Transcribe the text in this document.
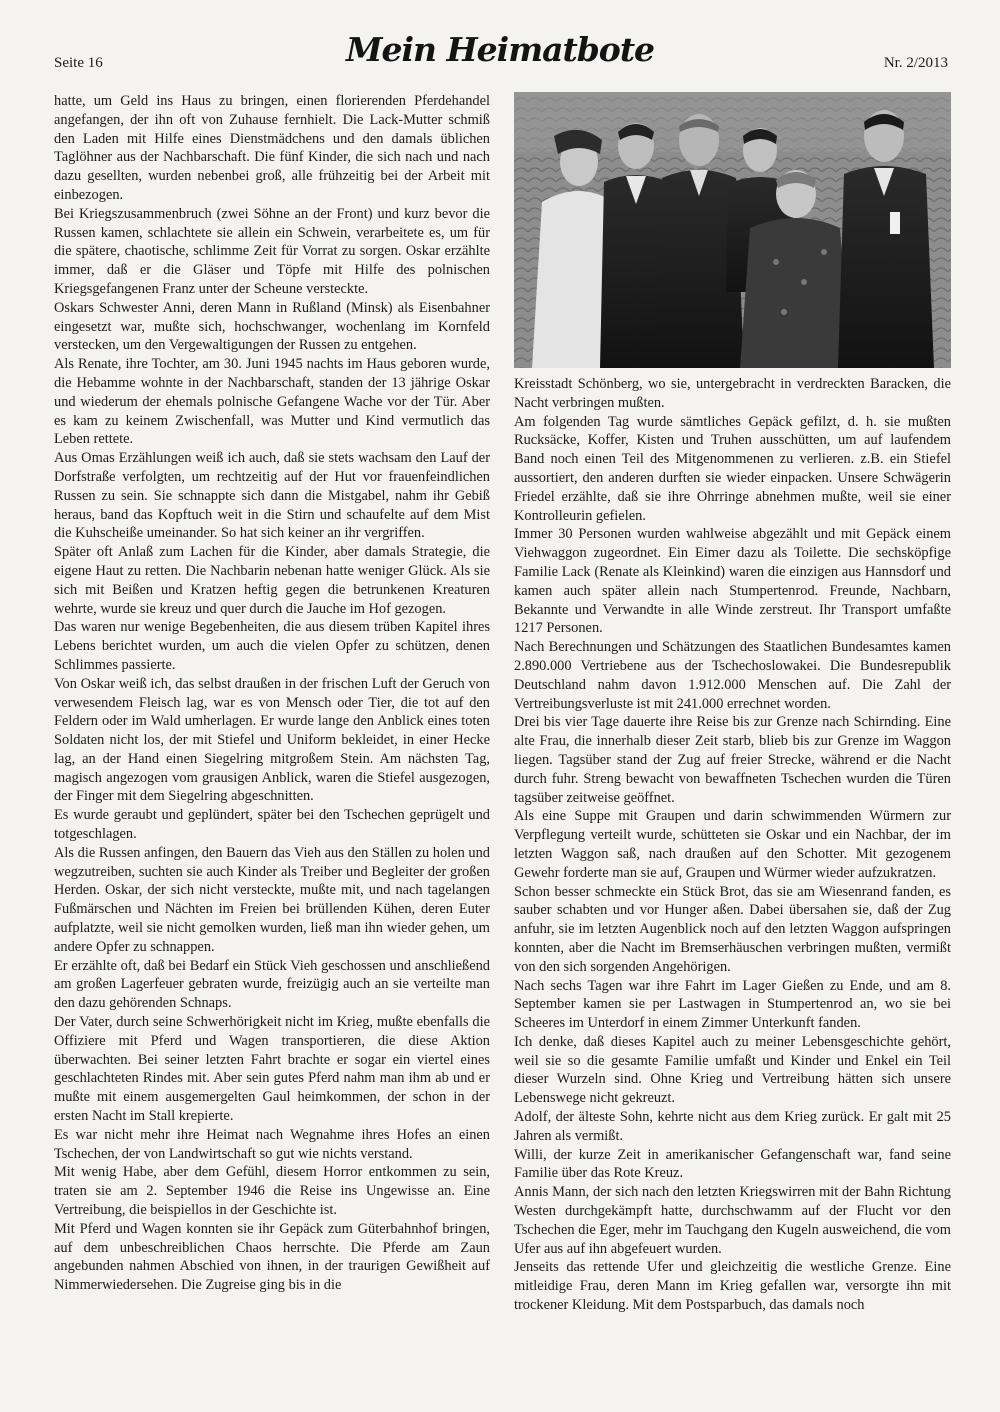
Seite 16	Mein Heimatbote	Nr. 2/2013

hatte, um Geld ins Haus zu bringen, einen florierenden Pferdehandel angefangen, der ihn oft von Zuhause fernhielt. Die Lack-Mutter schmiß den Laden mit Hilfe eines Dienstmädchens und den damals üblichen Taglöhner aus der Nachbarschaft. Die fünf Kinder, die sich nach und nach dazu gesellten, wurden nebenbei groß, alle frühzeitig bei der Arbeit mit einbezogen.

Bei Kriegszusammenbruch (zwei Söhne an der Front) und kurz bevor die Russen kamen, schlachtete sie allein ein Schwein, verarbeitete es, um für die spätere, chaotische, schlimme Zeit für Vorrat zu sorgen. Oskar erzählte immer, daß er die Gläser und Töpfe mit Hilfe des polnischen Kriegsgefangenen Franz unter der Scheune versteckte.

Oskars Schwester Anni, deren Mann in Rußland (Minsk) als Eisenbahner eingesetzt war, mußte sich, hochschwanger, wochenlang im Kornfeld verstecken, um den Vergewaltigungen der Russen zu entgehen.

Als Renate, ihre Tochter, am 30. Juni 1945 nachts im Haus geboren wurde, die Hebamme wohnte in der Nachbarschaft, standen der 13 jährige Oskar und wiederum der ehemals polnische Gefangene Wache vor der Tür. Aber es kam zu keinem Zwischenfall, was Mutter und Kind vermutlich das Leben rettete.

Aus Omas Erzählungen weiß ich auch, daß sie stets wachsam den Lauf der Dorfstraße verfolgten, um rechtzeitig auf der Hut vor frauenfeindlichen Russen zu sein. Sie schnappte sich dann die Mistgabel, nahm ihr Gebiß heraus, band das Kopftuch weit in die Stirn und schaufelte auf dem Mist die Kuhscheiße umeinander. So hat sich keiner an ihr vergriffen.

Später oft Anlaß zum Lachen für die Kinder, aber damals Strategie, die eigene Haut zu retten. Die Nachbarin nebenan hatte weniger Glück. Als sie sich mit Beißen und Kratzen heftig gegen die betrunkenen Kreaturen wehrte, wurde sie kreuz und quer durch die Jauche im Hof gezogen.

Das waren nur wenige Begebenheiten, die aus diesem trüben Kapitel ihres Lebens berichtet wurden, um auch die vielen Opfer zu schützen, denen Schlimmes passierte.

Von Oskar weiß ich, das selbst draußen in der frischen Luft der Geruch von verwesendem Fleisch lag, war es von Mensch oder Tier, die tot auf den Feldern oder im Wald umherlagen. Er wurde lange den Anblick eines toten Soldaten nicht los, der mit Stiefel und Uniform bekleidet, in einer Hecke lag, an der Hand einen Siegelring mitgroßem Stein. Am nächsten Tag, magisch angezogen vom grausigen Anblick, waren die Stiefel ausgezogen, der Finger mit dem Siegelring abgeschnitten.

Es wurde geraubt und geplündert, später bei den Tschechen geprügelt und totgeschlagen.

Als die Russen anfingen, den Bauern das Vieh aus den Ställen zu holen und wegzutreiben, suchten sie auch Kinder als Treiber und Begleiter der großen Herden. Oskar, der sich nicht versteckte, mußte mit, und nach tagelangen Fußmärschen und Nächten im Freien bei brüllenden Kühen, deren Euter aufplatzte, weil sie nicht gemolken wurden, ließ man ihn wieder gehen, um andere Opfer zu schnappen.

Er erzählte oft, daß bei Bedarf ein Stück Vieh geschossen und anschließend am großen Lagerfeuer gebraten wurde, freizügig auch an sie verteilte man den dazu gehörenden Schnaps.

Der Vater, durch seine Schwerhörigkeit nicht im Krieg, mußte ebenfalls die Offiziere mit Pferd und Wagen transportieren, die diese Aktion überwachten. Bei seiner letzten Fahrt brachte er sogar ein viertel eines geschlachteten Rindes mit. Aber sein gutes Pferd nahm man ihm ab und er mußte mit einem ausgemergelten Gaul heimkommen, der schon in der ersten Nacht im Stall krepierte.

Es war nicht mehr ihre Heimat nach Wegnahme ihres Hofes an einen Tschechen, der von Landwirtschaft so gut wie nichts verstand.

Mit wenig Habe, aber dem Gefühl, diesem Horror entkommen zu sein, traten sie am 2. September 1946 die Reise ins Ungewisse an. Eine Vertreibung, die beispiellos in der Geschichte ist.

Mit Pferd und Wagen konnten sie ihr Gepäck zum Güterbahnhof bringen, auf dem unbeschreiblichen Chaos herrschte. Die Pferde am Zaun angebunden nahmen Abschied von ihnen, in der traurigen Gewißheit auf Nimmerwiedersehen. Die Zugreise ging bis in die

Kreisstadt Schönberg, wo sie, untergebracht in verdreckten Baracken, die Nacht verbringen mußten.

Am folgenden Tag wurde sämtliches Gepäck gefilzt, d. h. sie mußten Rucksäcke, Koffer, Kisten und Truhen ausschütten, um auf laufendem Band noch einen Teil des Mitgenommenen zu verlieren. z.B. ein Stiefel aussortiert, den anderen durften sie wieder einpacken. Unsere Schwägerin Friedel erzählte, daß sie ihre Ohrringe abnehmen mußte, weil sie einer Kontrolleurin gefielen.

Immer 30 Personen wurden wahlweise abgezählt und mit Gepäck einem Viehwaggon zugeordnet. Ein Eimer dazu als Toilette. Die sechsköpfige Familie Lack (Renate als Kleinkind) waren die einzigen aus Hannsdorf und kamen auch später allein nach Stumpertenrod. Freunde, Nachbarn, Bekannte und Verwandte in alle Winde zerstreut. Ihr Transport umfaßte 1217 Personen.

Nach Berechnungen und Schätzungen des Staatlichen Bundesamtes kamen 2.890.000 Vertriebene aus der Tschechoslowakei. Die Bundesrepublik Deutschland nahm davon 1.912.000 Menschen auf. Die Zahl der Vertreibungsverluste ist mit 241.000 errechnet worden.

Drei bis vier Tage dauerte ihre Reise bis zur Grenze nach Schirnding. Eine alte Frau, die innerhalb dieser Zeit starb, blieb bis zur Grenze im Waggon liegen. Tagsüber stand der Zug auf freier Strecke, während er die Nacht durch fuhr. Streng bewacht von bewaffneten Tschechen wurden die Türen tagsüber zeitweise geöffnet.

Als eine Suppe mit Graupen und darin schwimmenden Würmern zur Verpflegung verteilt wurde, schütteten sie Oskar und ein Nachbar, der im letzten Waggon saß, nach draußen auf den Schotter. Mit gezogenem Gewehr forderte man sie auf, Graupen und Würmer wieder aufzukratzen.

Schon besser schmeckte ein Stück Brot, das sie am Wiesenrand fanden, es sauber schabten und vor Hunger aßen. Dabei übersahen sie, daß der Zug anfuhr, sie im letzten Augenblick noch auf den letzten Waggon aufspringen konnten, aber die Nacht im Bremserhäuschen verbringen mußten, vermißt von den sich sorgenden Angehörigen.

Nach sechs Tagen war ihre Fahrt im Lager Gießen zu Ende, und am 8. September kamen sie per Lastwagen in Stumpertenrod an, wo sie bei Scheeres im Unterdorf in einem Zimmer Unterkunft fanden.

Ich denke, daß dieses Kapitel auch zu meiner Lebensgeschichte gehört, weil sie so die gesamte Familie umfaßt und Kinder und Enkel ein Teil dieser Wurzeln sind. Ohne Krieg und Vertreibung hätten sich unsere Lebenswege nicht gekreuzt.

Adolf, der älteste Sohn, kehrte nicht aus dem Krieg zurück. Er galt mit 25 Jahren als vermißt.

Willi, der kurze Zeit in amerikanischer Gefangenschaft war, fand seine Familie über das Rote Kreuz.

Annis Mann, der sich nach den letzten Kriegswirren mit der Bahn Richtung Westen durchgekämpft hatte, durchschwamm auf der Flucht vor den Tschechen die Eger, mehr im Tauchgang den Kugeln ausweichend, die vom Ufer aus auf ihn abgefeuert wurden.

Jenseits das rettende Ufer und gleichzeitig die westliche Grenze. Eine mitleidige Frau, deren Mann im Krieg gefallen war, versorgte ihn mit trockener Kleidung. Mit dem Postsparbuch, das damals noch
